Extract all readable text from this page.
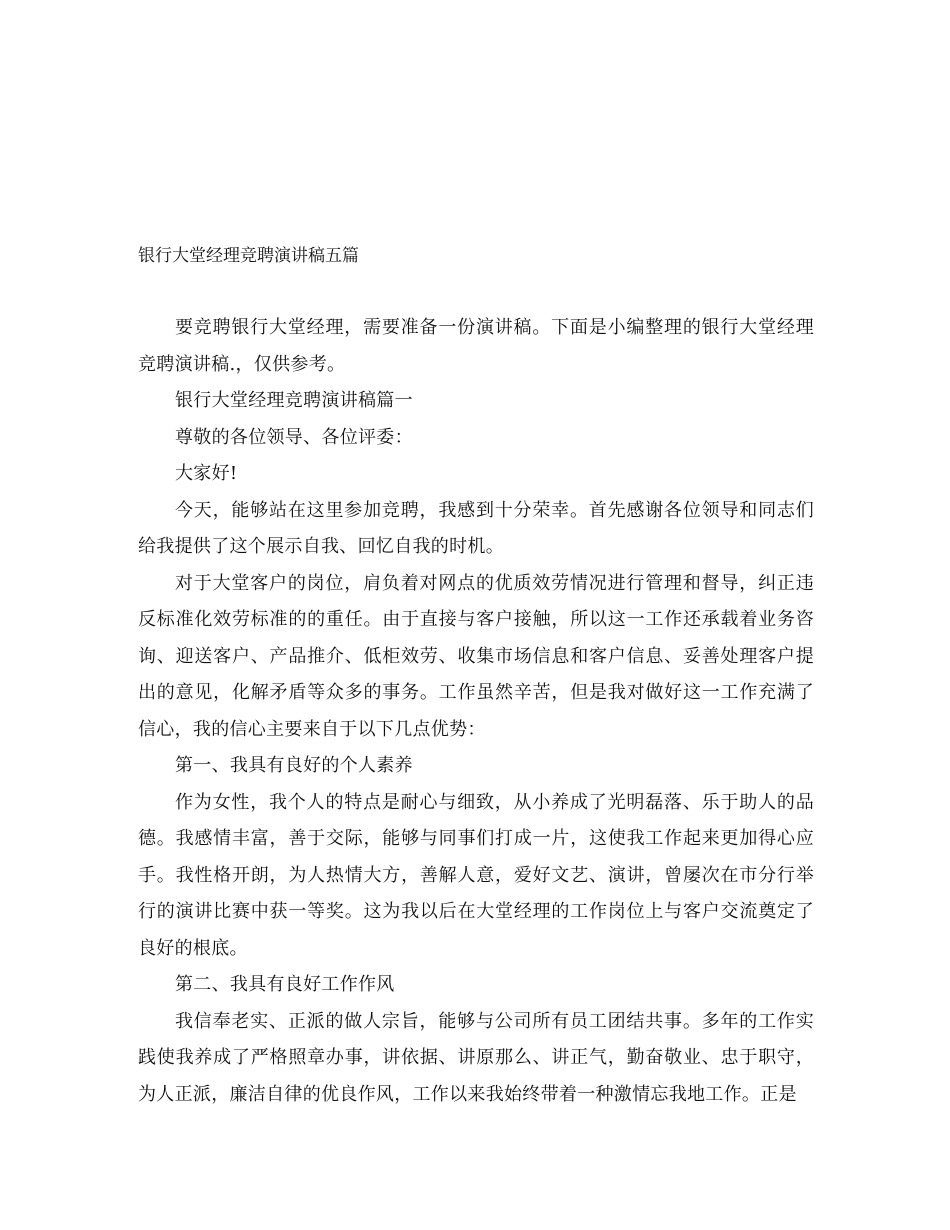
银行大堂经理竞聘演讲稿五篇

要竞聘银行大堂经理，需要准备一份演讲稿。下面是小编整理的银行大堂经理竞聘演讲稿.，仅供参考。

银行大堂经理竞聘演讲稿篇一

尊敬的各位领导、各位评委：

大家好!

今天，能够站在这里参加竞聘，我感到十分荣幸。首先感谢各位领导和同志们给我提供了这个展示自我、回忆自我的时机。

对于大堂客户的岗位，肩负着对网点的优质效劳情况进行管理和督导，纠正违反标准化效劳标准的的重任。由于直接与客户接触，所以这一工作还承载着业务咨询、迎送客户、产品推介、低柜效劳、收集市场信息和客户信息、妥善处理客户提出的意见，化解矛盾等众多的事务。工作虽然辛苦，但是我对做好这一工作充满了信心，我的信心主要来自于以下几点优势：

第一、我具有良好的个人素养

作为女性，我个人的特点是耐心与细致，从小养成了光明磊落、乐于助人的品德。我感情丰富，善于交际，能够与同事们打成一片，这使我工作起来更加得心应手。我性格开朗，为人热情大方，善解人意，爱好文艺、演讲，曾屡次在市分行举行的演讲比赛中获一等奖。这为我以后在大堂经理的工作岗位上与客户交流奠定了良好的根底。

第二、我具有良好工作作风

我信奉老实、正派的做人宗旨，能够与公司所有员工团结共事。多年的工作实践使我养成了严格照章办事，讲依据、讲原那么、讲正气，勤奋敬业、忠于职守，为人正派，廉洁自律的优良作风，工作以来我始终带着一种激情忘我地工作。正是
